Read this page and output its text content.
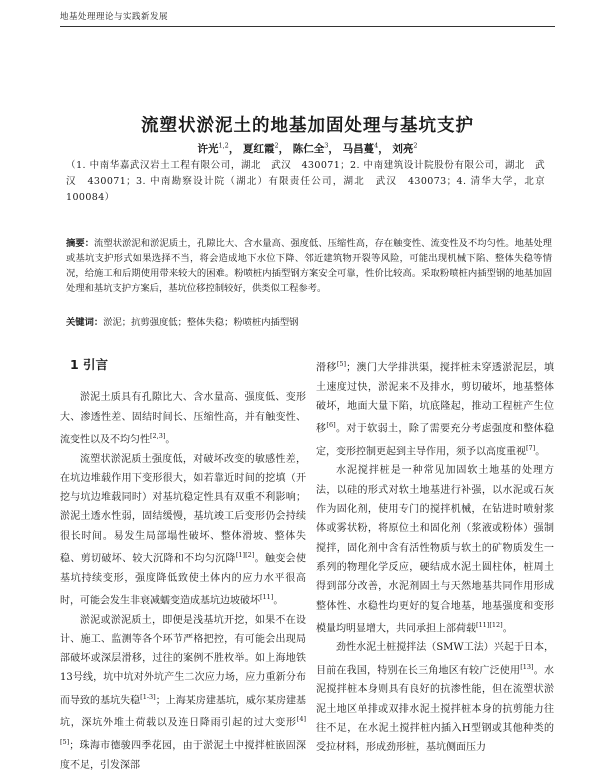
地基处理理论与实践新发展
流塑状淤泥土的地基加固处理与基坑支护
许光$^{1,2}$， 夏红霞$^2$， 陈仁全$^3$， 马昌蔓$^4$， 刘亮$^2$
（1. 中南华嘉武汉岩土工程有限公司，湖北　武汉　430071；2. 中南建筑设计院股份有限公司，湖北　武汉　430071；3. 中南勘察设计院（湖北）有限责任公司，湖北　武汉　430073；4. 清华大学，北京　100084）
摘要：流塑状淤泥和淤泥质土，孔隙比大、含水量高、强度低、压缩性高，存在触变性、流变性及不均匀性。地基处理或基坑支护形式如果选择不当，将会造成地下水位下降、邻近建筑物开裂等风险，可能出现机械下陷、整体失稳等情况，给施工和后期使用带来较大的困难。粉喷桩内插型钢方案安全可靠，性价比较高。采取粉喷桩内插型钢的地基加固处理和基坑支护方案后，基坑位移控制较好，供类似工程参考。
关键词：淤泥；抗剪强度低；整体失稳；粉喷桩内插型钢
1 引言

淤泥土质具有孔隙比大、含水量高、强度低、变形大、渗透性差、固结时间长、压缩性高，并有触变性、流变性以及不均匀性[2,3]。

流塑状淤泥质土强度低，对破坏改变的敏感性差，在坑边堆载作用下变形很大，如若靠近时间的挖填（开挖与坑边堆载同时）对基坑稳定性具有双重不利影响；淤泥土透水性弱，固结缓慢，基坑竣工后变形仍会持续很长时间。易发生局部塌性破坏、整体滑坡、整体失稳、剪切破坏、较大沉降和不均匀沉降[1][2]。触变会使基坑持续变形，强度降低致使土体内的应力水平很高时，可能会发生非衰减蠕变造成基坑边坡破坏[11]。

淤泥或淤泥质土，即便是浅基坑开挖，如果不在设计、施工、监测等各个环节严格把控，有可能会出现局部破坏或深层滑移，过往的案例不胜枚举。如上海地铁13号线，坑中坑对外坑产生二次应力场，应力重新分布而导致的基坑失稳[1-3]；上海某房建基坑，威尔某房建基坑，深坑外堆土荷载以及连日降雨引起的过大变形[4][5]；珠海市德骏四季花园，由于淤泥土中搅拌桩嵌固深度不足，引发深部

滑移[5]；澳门大学排洪渠，搅拌桩未穿透淤泥层，填土速度过快，淤泥来不及排水，剪切破坏，地基整体破坏，地面大量下陷，坑底隆起，推动工程桩产生位移[6]。对于软弱土，除了需要充分考虑强度和整体稳定，变形控制更起到主导作用，须予以高度重视[7]。

水泥搅拌桩是一种常见加固软土地基的处理方法，以硅的形式对软土地基进行补强，以水泥或石灰作为固化剂，使用专门的搅拌机械，在钻进时喷射浆体或雾状粉，将原位土和固化剂（浆液或粉体）强制搅拌，固化剂中含有活性物质与软土的矿物质发生一系列的物理化学反应，硬结成水泥土圆柱体，桩周土得到部分改善，水泥剂固土与天然地基共同作用形成整体性、水稳性均更好的复合地基，地基强度和变形模量均明显增大，共同承担上部荷载[11][12]。

劲性水泥土桩搅拌法（SMW工法）兴起于日本，目前在我国，特别在长三角地区有较广泛使用[13]。水泥搅拌桩本身则具有良好的抗渗性能，但在流塑状淤泥土地区单排或双排水泥土搅拌桩本身的抗剪能力往往不足，在水泥土搅拌桩内插入H型钢或其他种类的受拉材料，形成劲形桩，基坑侧面压力
